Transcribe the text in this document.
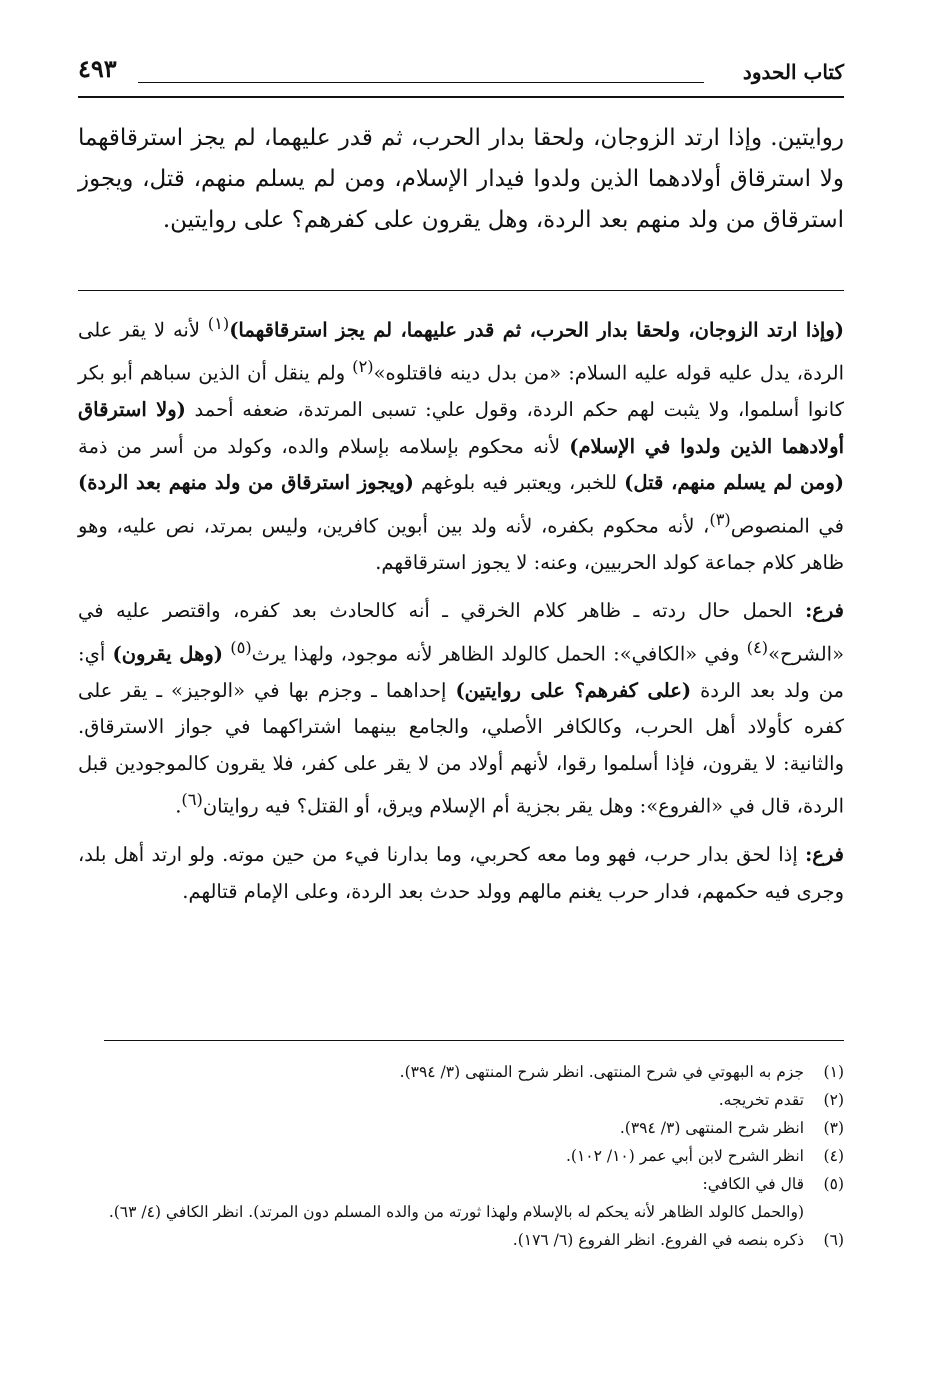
كتاب الحدود
٤٩٣
روايتين. وإذا ارتد الزوجان، ولحقا بدار الحرب، ثم قدر عليهما، لم يجز استرقاقهما ولا استرقاق أولادهما الذين ولدوا فيدار الإسلام، ومن لم يسلم منهم، قتل، ويجوز استرقاق من ولد منهم بعد الردة، وهل يقرون على كفرهم؟ على روايتين.

(وإذا ارتد الزوجان، ولحقا بدار الحرب، ثم قدر عليهما، لم يجز استرقاقهما)$^{(١)}$ لأنه لا يقر على الردة، يدل عليه قوله عليه السلام: «من بدل دينه فاقتلوه»$^{(٢)}$ ولم ينقل أن الذين سباهم أبو بكر كانوا أسلموا، ولا يثبت لهم حكم الردة، وقول علي: تسبى المرتدة، ضعفه أحمد (ولا استرقاق أولادهما الذين ولدوا في الإسلام) لأنه محكوم بإسلامه بإسلام والده، وكولد من أسر من ذمة (ومن لم يسلم منهم، قتل) للخبر، ويعتبر فيه بلوغهم (ويجوز استرقاق من ولد منهم بعد الردة) في المنصوص$^{(٣)}$، لأنه محكوم بكفره، لأنه ولد بين أبوين كافرين، وليس بمرتد، نص عليه، وهو ظاهر كلام جماعة كولد الحربيين، وعنه: لا يجوز استرقاقهم.

فرع: الحمل حال ردته ـ ظاهر كلام الخرقي ـ أنه كالحادث بعد كفره، واقتصر عليه في «الشرح»$^{(٤)}$ وفي «الكافي»: الحمل كالولد الظاهر لأنه موجود، ولهذا يرث$^{(٥)}$ (وهل يقرون) أي: من ولد بعد الردة (على كفرهم؟ على روايتين) إحداهما ـ وجزم بها في «الوجيز» ـ يقر على كفره كأولاد أهل الحرب، وكالكافر الأصلي، والجامع بينهما اشتراكهما في جواز الاسترقاق. والثانية: لا يقرون، فإذا أسلموا رقوا، لأنهم أولاد من لا يقر على كفر، فلا يقرون كالموجودين قبل الردة، قال في «الفروع»: وهل يقر بجزية أم الإسلام ويرق، أو القتل؟ فيه روايتان$^{(٦)}$.

فرع: إذا لحق بدار حرب، فهو وما معه كحربي، وما بدارنا فيء من حين موته. ولو ارتد أهل بلد، وجرى فيه حكمهم، فدار حرب يغنم مالهم وولد حدث بعد الردة، وعلى الإمام قتالهم.

(١)
جزم به البهوتي في شرح المنتهى. انظر شرح المنتهى (٣/ ٣٩٤).
(٢)
تقدم تخريجه.
(٣)
انظر شرح المنتهى (٣/ ٣٩٤).
(٤)
انظر الشرح لابن أبي عمر (١٠/ ١٠٢).
(٥)
قال في الكافي:
(والحمل كالولد الظاهر لأنه يحكم له بالإسلام ولهذا ثورته من والده المسلم دون المرتد). انظر الكافي (٤/ ٦٣).
(٦)
ذكره بنصه في الفروع. انظر الفروع (٦/ ١٧٦).
